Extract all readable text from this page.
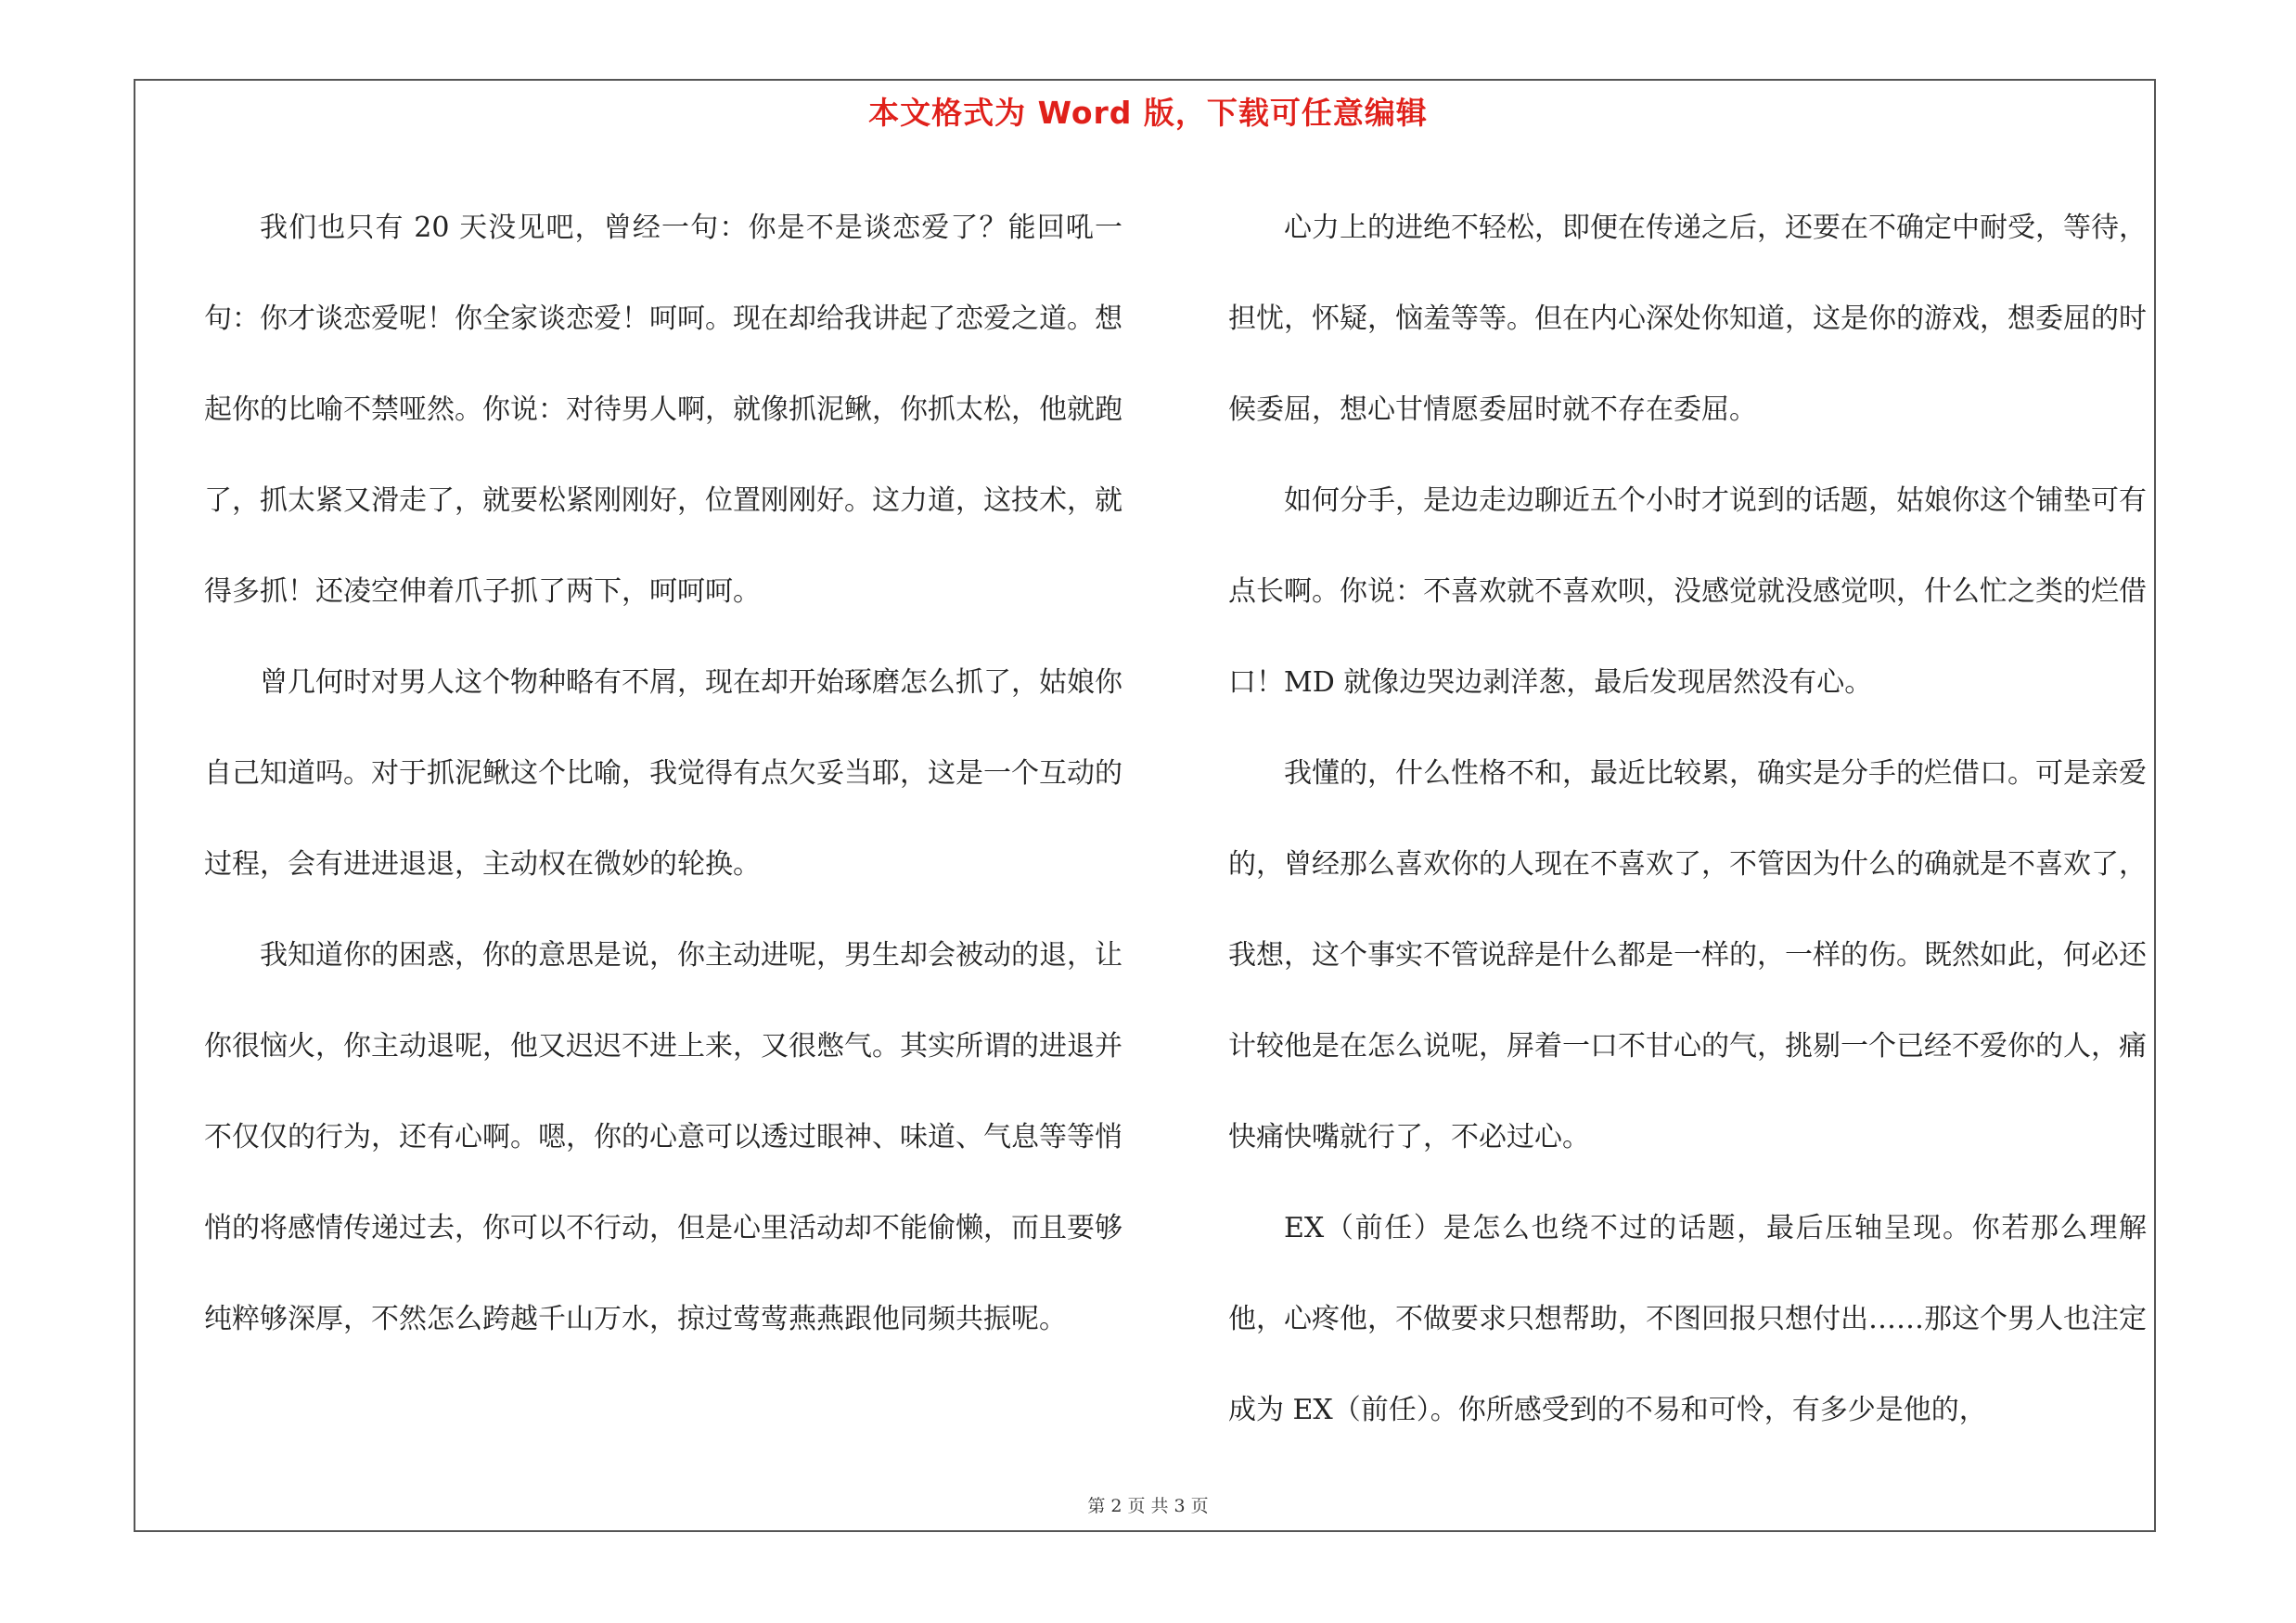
本文格式为 Word 版，下载可任意编辑

我们也只有 20 天没见吧，曾经一句：你是不是谈恋爱了？能回吼一句：你才谈恋爱呢！你全家谈恋爱！呵呵。现在却给我讲起了恋爱之道。想起你的比喻不禁哑然。你说：对待男人啊，就像抓泥鳅，你抓太松，他就跑了，抓太紧又滑走了，就要松紧刚刚好，位置刚刚好。这力道，这技术，就得多抓！还凌空伸着爪子抓了两下，呵呵呵。

曾几何时对男人这个物种略有不屑，现在却开始琢磨怎么抓了，姑娘你自己知道吗。对于抓泥鳅这个比喻，我觉得有点欠妥当耶，这是一个互动的过程，会有进进退退，主动权在微妙的轮换。

我知道你的困惑，你的意思是说，你主动进呢，男生却会被动的退，让你很恼火，你主动退呢，他又迟迟不进上来，又很憋气。其实所谓的进退并不仅仅的行为，还有心啊。嗯，你的心意可以透过眼神、味道、气息等等悄悄的将感情传递过去，你可以不行动，但是心里活动却不能偷懒，而且要够纯粹够深厚，不然怎么跨越千山万水，掠过莺莺燕燕跟他同频共振呢。

心力上的进绝不轻松，即便在传递之后，还要在不确定中耐受，等待，担忧，怀疑，恼羞等等。但在内心深处你知道，这是你的游戏，想委屈的时候委屈，想心甘情愿委屈时就不存在委屈。

如何分手，是边走边聊近五个小时才说到的话题，姑娘你这个铺垫可有点长啊。你说：不喜欢就不喜欢呗，没感觉就没感觉呗，什么忙之类的烂借口！MD 就像边哭边剥洋葱，最后发现居然没有心。

我懂的，什么性格不和，最近比较累，确实是分手的烂借口。可是亲爱的，曾经那么喜欢你的人现在不喜欢了，不管因为什么的确就是不喜欢了，我想，这个事实不管说辞是什么都是一样的，一样的伤。既然如此，何必还计较他是在怎么说呢，屏着一口不甘心的气，挑剔一个已经不爱你的人，痛快痛快嘴就行了，不必过心。

EX（前任）是怎么也绕不过的话题，最后压轴呈现。你若那么理解他，心疼他，不做要求只想帮助，不图回报只想付出……那这个男人也注定成为 EX（前任）。你所感受到的不易和可怜，有多少是他的，

第 2 页 共 3 页
